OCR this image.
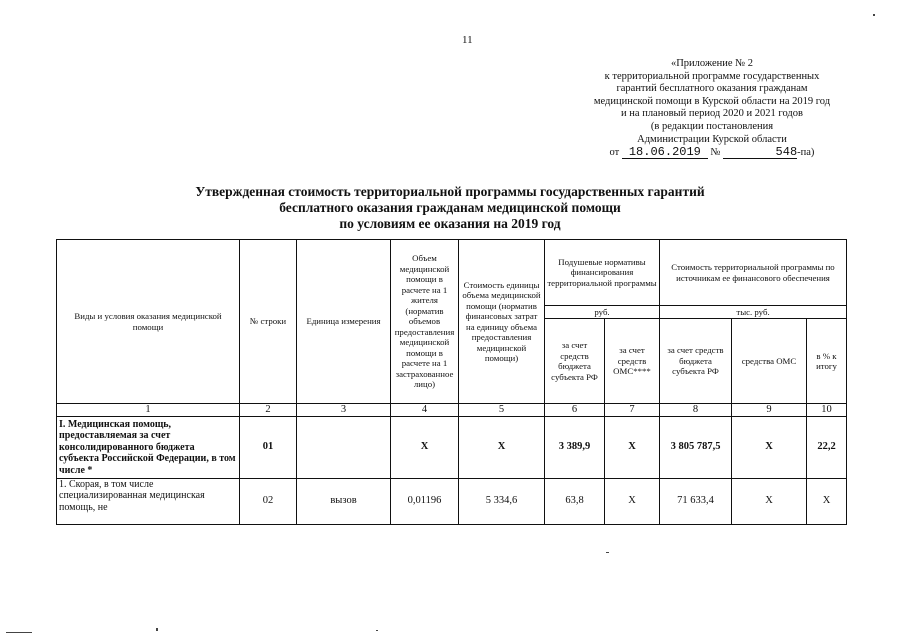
11
«Приложение № 2
к территориальной программе государственных
гарантий бесплатного оказания гражданам
медицинской помощи в Курской области на 2019 год
и на плановый период 2020 и 2021 годов
(в редакции постановления
Администрации Курской области
от 18.06.2019 №	548-па)
Утвержденная стоимость территориальной программы государственных гарантий
бесплатного оказания гражданам медицинской помощи
по условиям ее оказания на 2019 год
Виды и условия оказания медицинской помощи	№ строки	Единица измерения	Объем медицинской помощи в расчете на 1 жителя (норматив объемов предоставления медицинской помощи в расчете на 1 застрахованное лицо)	Стоимость единицы объема медицинской помощи (норматив финансовых затрат на единицу объема предоставления медицинской помощи)	Подушевые нормативы финансирования территориальной программы		Стоимость территориальной программы по источникам ее финансового обеспечения		
					руб.		тыс. руб.		
					за счет средств бюджета субъекта РФ	за счет средств ОМС****	за счет средств бюджета субъекта РФ	средства ОМС	в % к итогу
1	2	3	4	5	6	7	8	9	10
I. Медицинская помощь, предоставляемая за счет консолидированного бюджета субъекта Российской Федерации, в том числе *	01		Х	Х	3 389,9	Х	3 805 787,5	Х	22,2
1. Скорая, в том числе специализированная медицинская помощь, не	02	вызов	0,01196	5 334,6	63,8	Х	71 633,4	Х	Х
